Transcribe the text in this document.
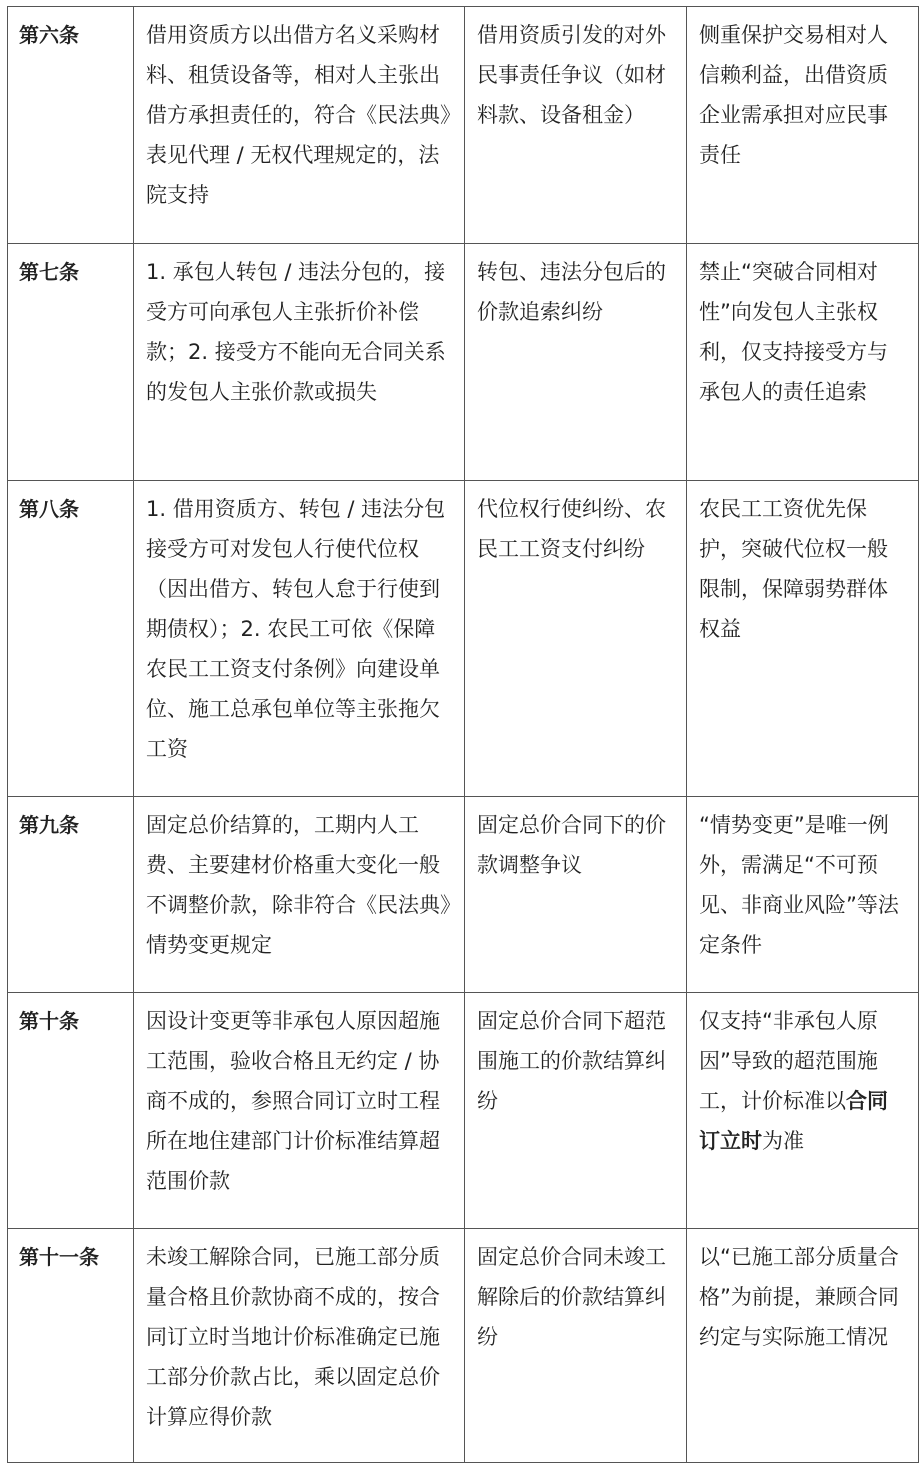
第六条	借用资质方以出借方名义采购材料、租赁设备等，相对人主张出借方承担责任的，符合《民法典》表见代理 / 无权代理规定的，法院支持	借用资质引发的对外民事责任争议（如材料款、设备租金）	侧重保护交易相对人信赖利益，出借资质企业需承担对应民事责任
第七条	1. 承包人转包 / 违法分包的，接受方可向承包人主张折价补偿款；2. 接受方不能向无合同关系的发包人主张价款或损失	转包、违法分包后的价款追索纠纷	禁止“突破合同相对性”向发包人主张权利，仅支持接受方与承包人的责任追索
第八条	1. 借用资质方、转包 / 违法分包接受方可对发包人行使代位权（因出借方、转包人怠于行使到期债权）；2. 农民工可依《保障农民工工资支付条例》向建设单位、施工总承包单位等主张拖欠工资	代位权行使纠纷、农民工工资支付纠纷	农民工工资优先保护，突破代位权一般限制，保障弱势群体权益
第九条	固定总价结算的，工期内人工费、主要建材价格重大变化一般不调整价款，除非符合《民法典》情势变更规定	固定总价合同下的价款调整争议	“情势变更”是唯一例外，需满足“不可预见、非商业风险”等法定条件
第十条	因设计变更等非承包人原因超施工范围，验收合格且无约定 / 协商不成的，参照合同订立时工程所在地住建部门计价标准结算超范围价款	固定总价合同下超范围施工的价款结算纠纷	仅支持“非承包人原因”导致的超范围施工，计价标准以合同订立时为准
第十一条	未竣工解除合同，已施工部分质量合格且价款协商不成的，按合同订立时当地计价标准确定已施工部分价款占比，乘以固定总价计算应得价款	固定总价合同未竣工解除后的价款结算纠纷	以“已施工部分质量合格”为前提，兼顾合同约定与实际施工情况
